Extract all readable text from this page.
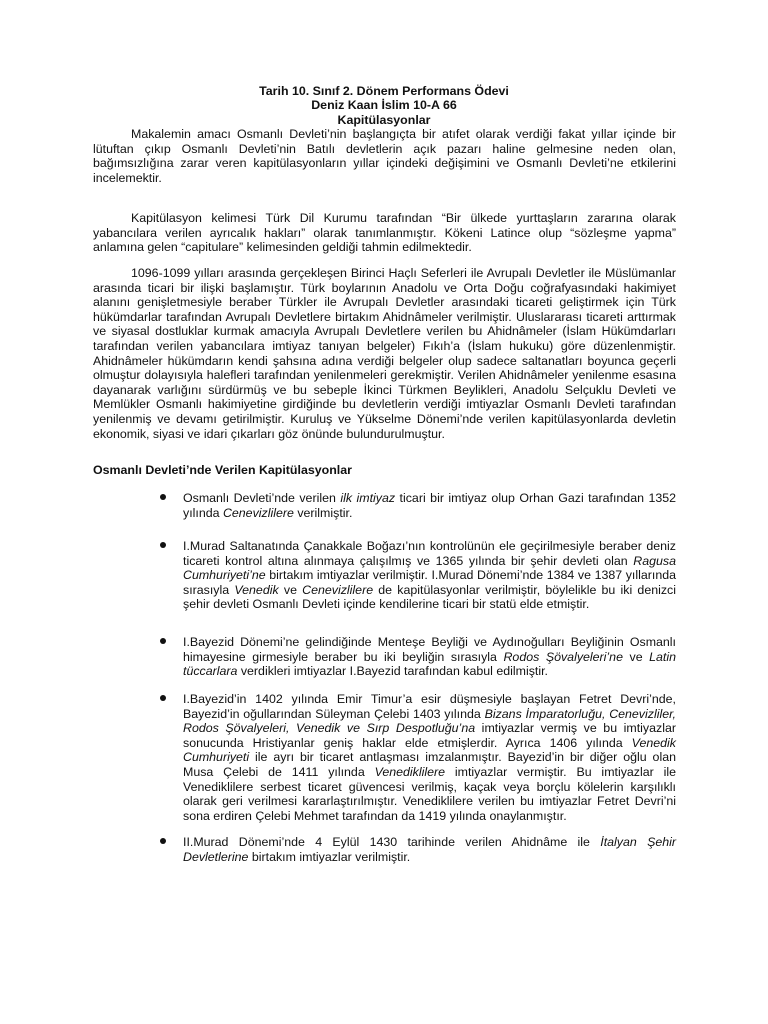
Tarih 10. Sınıf 2. Dönem Performans Ödevi
Deniz Kaan İslim 10-A 66
Kapitülasyonlar

Makalemin amacı Osmanlı Devleti’nin başlangıçta bir atıfet olarak verdiği fakat yıllar içinde bir lütuftan çıkıp Osmanlı Devleti’nin Batılı devletlerin açık pazarı haline gelmesine neden olan, bağımsızlığına zarar veren kapitülasyonların yıllar içindeki değişimini ve Osmanlı Devleti’ne etkilerini incelemektir.

Kapitülasyon kelimesi Türk Dil Kurumu tarafından “Bir ülkede yurttaşların zararına olarak yabancılara verilen ayrıcalık hakları” olarak tanımlanmıştır. Kökeni Latince olup “sözleşme yapma” anlamına gelen “capitulare” kelimesinden geldiği tahmin edilmektedir.

1096-1099 yılları arasında gerçekleşen Birinci Haçlı Seferleri ile Avrupalı Devletler ile Müslümanlar arasında ticari bir ilişki başlamıştır. Türk boylarının Anadolu ve Orta Doğu coğrafyasındaki hakimiyet alanını genişletmesiyle beraber Türkler ile Avrupalı Devletler arasındaki ticareti geliştirmek için Türk hükümdarlar tarafından Avrupalı Devletlere birtakım Ahidnâmeler verilmiştir. Uluslararası ticareti arttırmak ve siyasal dostluklar kurmak amacıyla Avrupalı Devletlere verilen bu Ahidnâmeler (İslam Hükümdarları tarafından verilen yabancılara imtiyaz tanıyan belgeler) Fıkıh’a (İslam hukuku) göre düzenlenmiştir. Ahidnâmeler hükümdarın kendi şahsına adına verdiği belgeler olup sadece saltanatları boyunca geçerli olmuştur dolayısıyla halefleri tarafından yenilenmeleri gerekmiştir. Verilen Ahidnâmeler yenilenme esasına dayanarak varlığını sürdürmüş ve bu sebeple İkinci Türkmen Beylikleri, Anadolu Selçuklu Devleti ve Memlükler Osmanlı hakimiyetine girdiğinde bu devletlerin verdiği imtiyazlar Osmanlı Devleti tarafından yenilenmiş ve devamı getirilmiştir. Kuruluş ve Yükselme Dönemi’nde verilen kapitülasyonlarda devletin ekonomik, siyasi ve idari çıkarları göz önünde bulundurulmuştur.

Osmanlı Devleti’nde Verilen Kapitülasyonlar
Osmanlı Devleti’nde verilen ilk imtiyaz ticari bir imtiyaz olup Orhan Gazi tarafından 1352 yılında Cenevizlilere verilmiştir.
I.Murad Saltanatında Çanakkale Boğazı’nın kontrolünün ele geçirilmesiyle beraber deniz ticareti kontrol altına alınmaya çalışılmış ve 1365 yılında bir şehir devleti olan Ragusa Cumhuriyeti’ne birtakım imtiyazlar verilmiştir. I.Murad Dönemi’nde 1384 ve 1387 yıllarında sırasıyla Venedik ve Cenevizlilere de kapitülasyonlar verilmiştir, böylelikle bu iki denizci şehir devleti Osmanlı Devleti içinde kendilerine ticari bir statü elde etmiştir.
I.Bayezid Dönemi’ne gelindiğinde Menteşe Beyliği ve Aydınoğulları Beyliğinin Osmanlı himayesine girmesiyle beraber bu iki beyliğin sırasıyla Rodos Şövalyeleri’ne ve Latin tüccarlara verdikleri imtiyazlar I.Bayezid tarafından kabul edilmiştir.
I.Bayezid’in 1402 yılında Emir Timur’a esir düşmesiyle başlayan Fetret Devri’nde, Bayezid’in oğullarından Süleyman Çelebi 1403 yılında Bizans İmparatorluğu, Cenevizliler, Rodos Şövalyeleri, Venedik ve Sırp Despotluğu’na imtiyazlar vermiş ve bu imtiyazlar sonucunda Hristiyanlar geniş haklar elde etmişlerdir. Ayrıca 1406 yılında Venedik Cumhuriyeti ile ayrı bir ticaret antlaşması imzalanmıştır. Bayezid’in bir diğer oğlu olan Musa Çelebi de 1411 yılında Venediklilere imtiyazlar vermiştir. Bu imtiyazlar ile Venediklilere serbest ticaret güvencesi verilmiş, kaçak veya borçlu kölelerin karşılıklı olarak geri verilmesi kararlaştırılmıştır. Venediklilere verilen bu imtiyazlar Fetret Devri’ni sona erdiren Çelebi Mehmet tarafından da 1419 yılında onaylanmıştır.
II.Murad Dönemi’nde 4 Eylül 1430 tarihinde verilen Ahidnâme ile İtalyan Şehir Devletlerine birtakım imtiyazlar verilmiştir.
